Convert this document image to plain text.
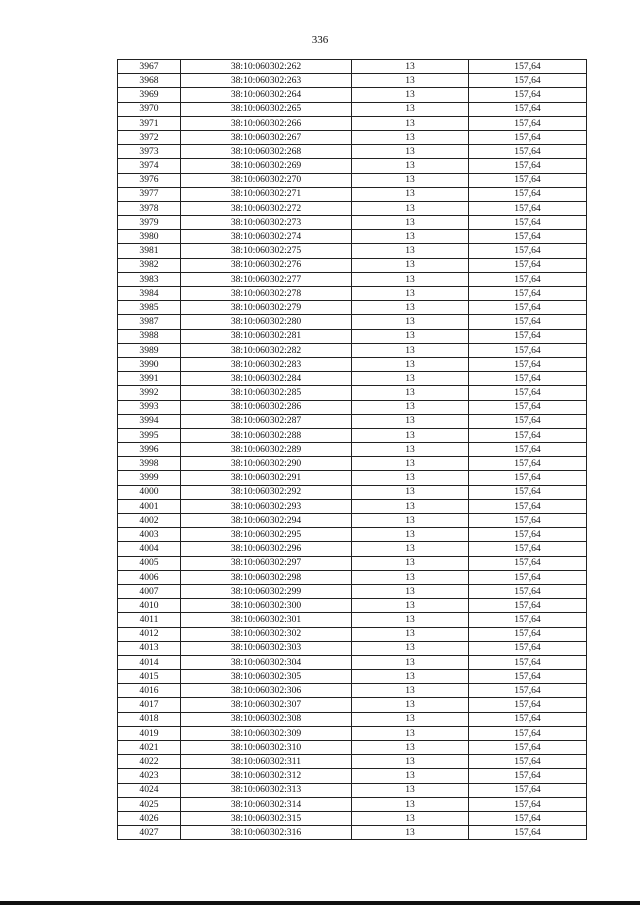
336
3967	38:10:060302:262	13	157,64
3968	38:10:060302:263	13	157,64
3969	38:10:060302:264	13	157,64
3970	38:10:060302:265	13	157,64
3971	38:10:060302:266	13	157,64
3972	38:10:060302:267	13	157,64
3973	38:10:060302:268	13	157,64
3974	38:10:060302:269	13	157,64
3976	38:10:060302:270	13	157,64
3977	38:10:060302:271	13	157,64
3978	38:10:060302:272	13	157,64
3979	38:10:060302:273	13	157,64
3980	38:10:060302:274	13	157,64
3981	38:10:060302:275	13	157,64
3982	38:10:060302:276	13	157,64
3983	38:10:060302:277	13	157,64
3984	38:10:060302:278	13	157,64
3985	38:10:060302:279	13	157,64
3987	38:10:060302:280	13	157,64
3988	38:10:060302:281	13	157,64
3989	38:10:060302:282	13	157,64
3990	38:10:060302:283	13	157,64
3991	38:10:060302:284	13	157,64
3992	38:10:060302:285	13	157,64
3993	38:10:060302:286	13	157,64
3994	38:10:060302:287	13	157,64
3995	38:10:060302:288	13	157,64
3996	38:10:060302:289	13	157,64
3998	38:10:060302:290	13	157,64
3999	38:10:060302:291	13	157,64
4000	38:10:060302:292	13	157,64
4001	38:10:060302:293	13	157,64
4002	38:10:060302:294	13	157,64
4003	38:10:060302:295	13	157,64
4004	38:10:060302:296	13	157,64
4005	38:10:060302:297	13	157,64
4006	38:10:060302:298	13	157,64
4007	38:10:060302:299	13	157,64
4010	38:10:060302:300	13	157,64
4011	38:10:060302:301	13	157,64
4012	38:10:060302:302	13	157,64
4013	38:10:060302:303	13	157,64
4014	38:10:060302:304	13	157,64
4015	38:10:060302:305	13	157,64
4016	38:10:060302:306	13	157,64
4017	38:10:060302:307	13	157,64
4018	38:10:060302:308	13	157,64
4019	38:10:060302:309	13	157,64
4021	38:10:060302:310	13	157,64
4022	38:10:060302:311	13	157,64
4023	38:10:060302:312	13	157,64
4024	38:10:060302:313	13	157,64
4025	38:10:060302:314	13	157,64
4026	38:10:060302:315	13	157,64
4027	38:10:060302:316	13	157,64
